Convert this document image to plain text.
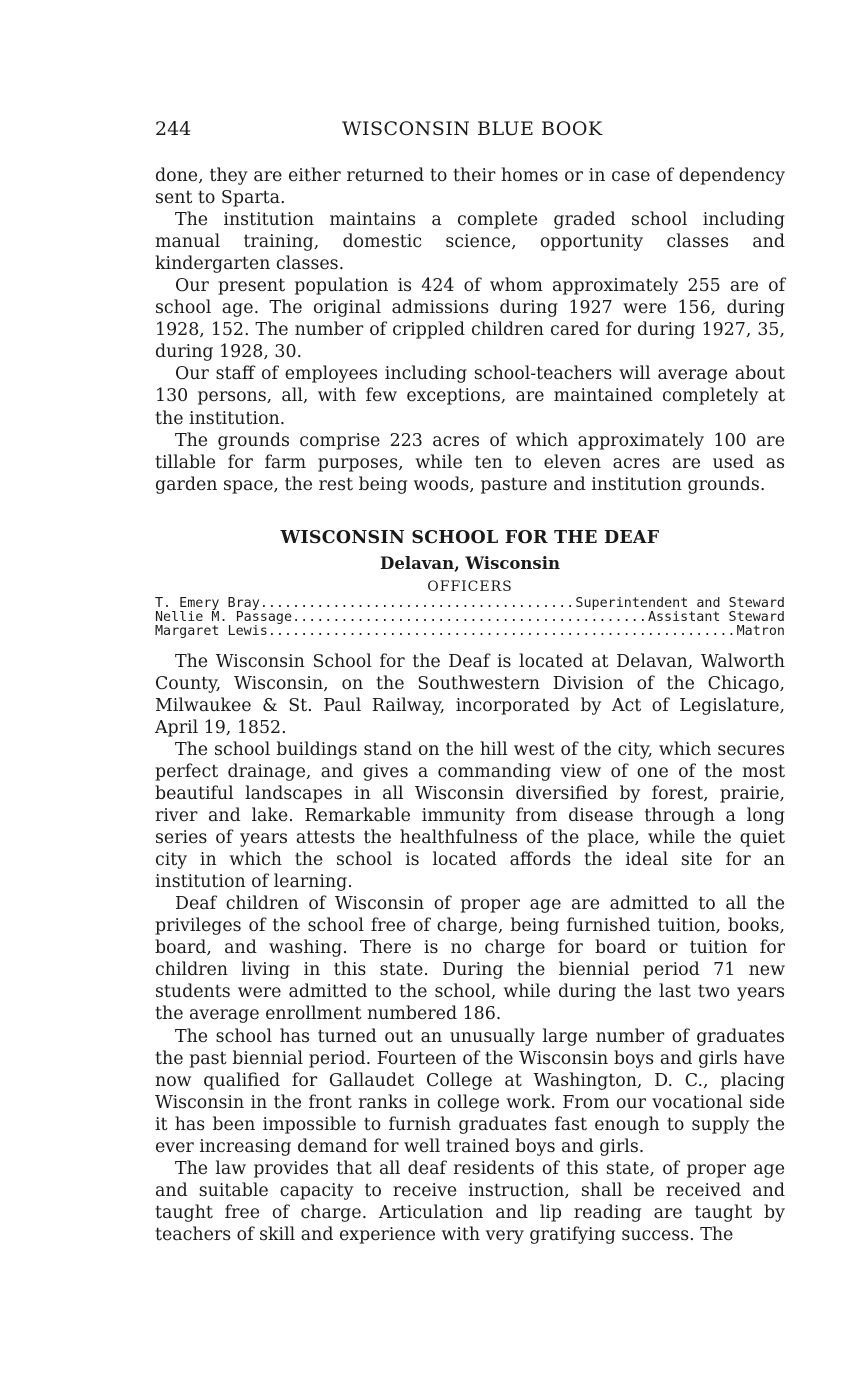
244	WISCONSIN BLUE BOOK

done, they are either returned to their homes or in case of dependency sent to Sparta.

The institution maintains a complete graded school including manual training, domestic science, opportunity classes and kindergarten classes.

Our present population is 424 of whom approximately 255 are of school age. The original admissions during 1927 were 156, during 1928, 152. The number of crippled children cared for during 1927, 35, during 1928, 30.

Our staff of employees including school-teachers will average about 130 persons, all, with few exceptions, are maintained completely at the institution.

The grounds comprise 223 acres of which approximately 100 are tillable for farm purposes, while ten to eleven acres are used as garden space, the rest being woods, pasture and institution grounds.

WISCONSIN SCHOOL FOR THE DEAF
Delavan, Wisconsin
OFFICERS
T. Emery Bray .....	Superintendent and Steward
Nellie M. Passage .....	Assistant Steward
Margaret Lewis .....	Matron

The Wisconsin School for the Deaf is located at Delavan, Walworth County, Wisconsin, on the Southwestern Division of the Chicago, Milwaukee & St. Paul Railway, incorporated by Act of Legislature, April 19, 1852.

The school buildings stand on the hill west of the city, which secures perfect drainage, and gives a commanding view of one of the most beautiful landscapes in all Wisconsin diversified by forest, prairie, river and lake. Remarkable immunity from disease through a long series of years attests the healthfulness of the place, while the quiet city in which the school is located affords the ideal site for an institution of learning.

Deaf children of Wisconsin of proper age are admitted to all the privileges of the school free of charge, being furnished tuition, books, board, and washing. There is no charge for board or tuition for children living in this state. During the biennial period 71 new students were admitted to the school, while during the last two years the average enrollment numbered 186.

The school has turned out an unusually large number of graduates the past biennial period. Fourteen of the Wisconsin boys and girls have now qualified for Gallaudet College at Washington, D. C., placing Wisconsin in the front ranks in college work. From our vocational side it has been impossible to furnish graduates fast enough to supply the ever increasing demand for well trained boys and girls.

The law provides that all deaf residents of this state, of proper age and suitable capacity to receive instruction, shall be received and taught free of charge. Articulation and lip reading are taught by teachers of skill and experience with very gratifying success. The
